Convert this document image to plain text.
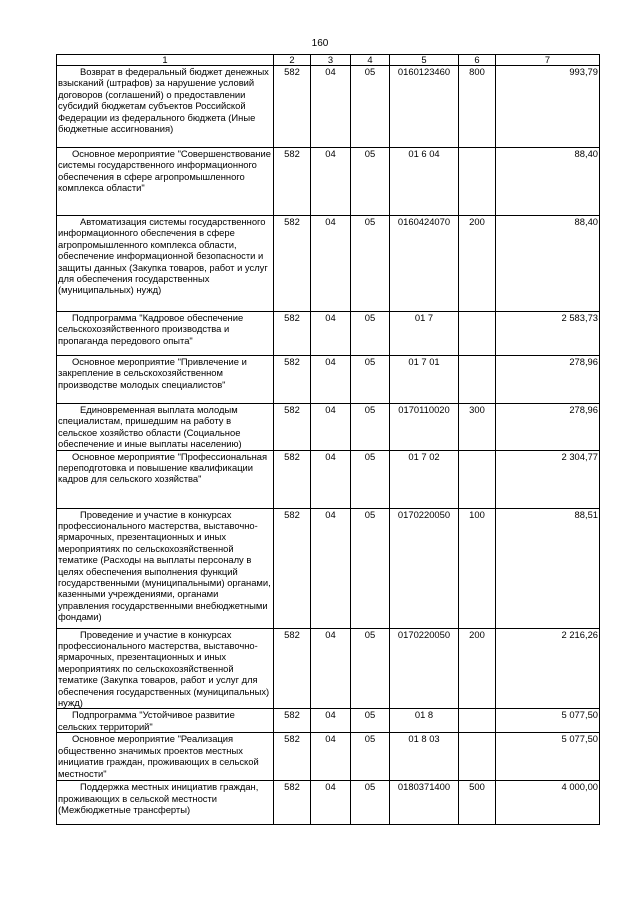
160
1	2	3	4	5	6	7
Возврат в федеральный бюджет денежных взысканий (штрафов) за нарушение условий договоров (соглашений) о предоставлении субсидий бюджетам субъектов Российской Федерации из федерального бюджета (Иные бюджетные ассигнования)	582	04	05	0160123460	800	993,79
Основное мероприятие "Совершенствование системы государственного информационного обеспечения в сфере агропромышленного комплекса области"	582	04	05	01 6 04		88,40
Автоматизация системы государственного информационного обеспечения в сфере агропромышленного комплекса области, обеспечение информационной безопасности и защиты данных (Закупка товаров, работ и услуг для обеспечения государственных (муниципальных) нужд)	582	04	05	0160424070	200	88,40
Подпрограмма "Кадровое обеспечение сельскохозяйственного производства и пропаганда передового опыта"	582	04	05	01 7		2 583,73
Основное мероприятие "Привлечение и закрепление в сельскохозяйственном производстве молодых специалистов"	582	04	05	01 7 01		278,96
Единовременная выплата молодым специалистам, пришедшим на работу в сельское хозяйство области (Социальное обеспечение и иные выплаты населению)	582	04	05	0170110020	300	278,96
Основное мероприятие "Профессиональная переподготовка и повышение квалификации кадров для сельского хозяйства"	582	04	05	01 7 02		2 304,77
Проведение и участие в конкурсах профессионального мастерства, выставочно-ярмарочных, презентационных и иных мероприятиях по сельскохозяйственной тематике (Расходы на выплаты персоналу в целях обеспечения выполнения функций государственными (муниципальными) органами, казенными учреждениями, органами управления государственными внебюджетными фондами)	582	04	05	0170220050	100	88,51
Проведение и участие в конкурсах профессионального мастерства, выставочно-ярмарочных, презентационных и иных мероприятиях по сельскохозяйственной тематике (Закупка товаров, работ и услуг для обеспечения государственных (муниципальных) нужд)	582	04	05	0170220050	200	2 216,26
Подпрограмма "Устойчивое развитие сельских территорий"	582	04	05	01 8		5 077,50
Основное мероприятие "Реализация общественно значимых проектов местных инициатив граждан, проживающих в сельской местности"	582	04	05	01 8 03		5 077,50
Поддержка местных инициатив граждан, проживающих в сельской местности (Межбюджетные трансферты)	582	04	05	0180371400	500	4 000,00
